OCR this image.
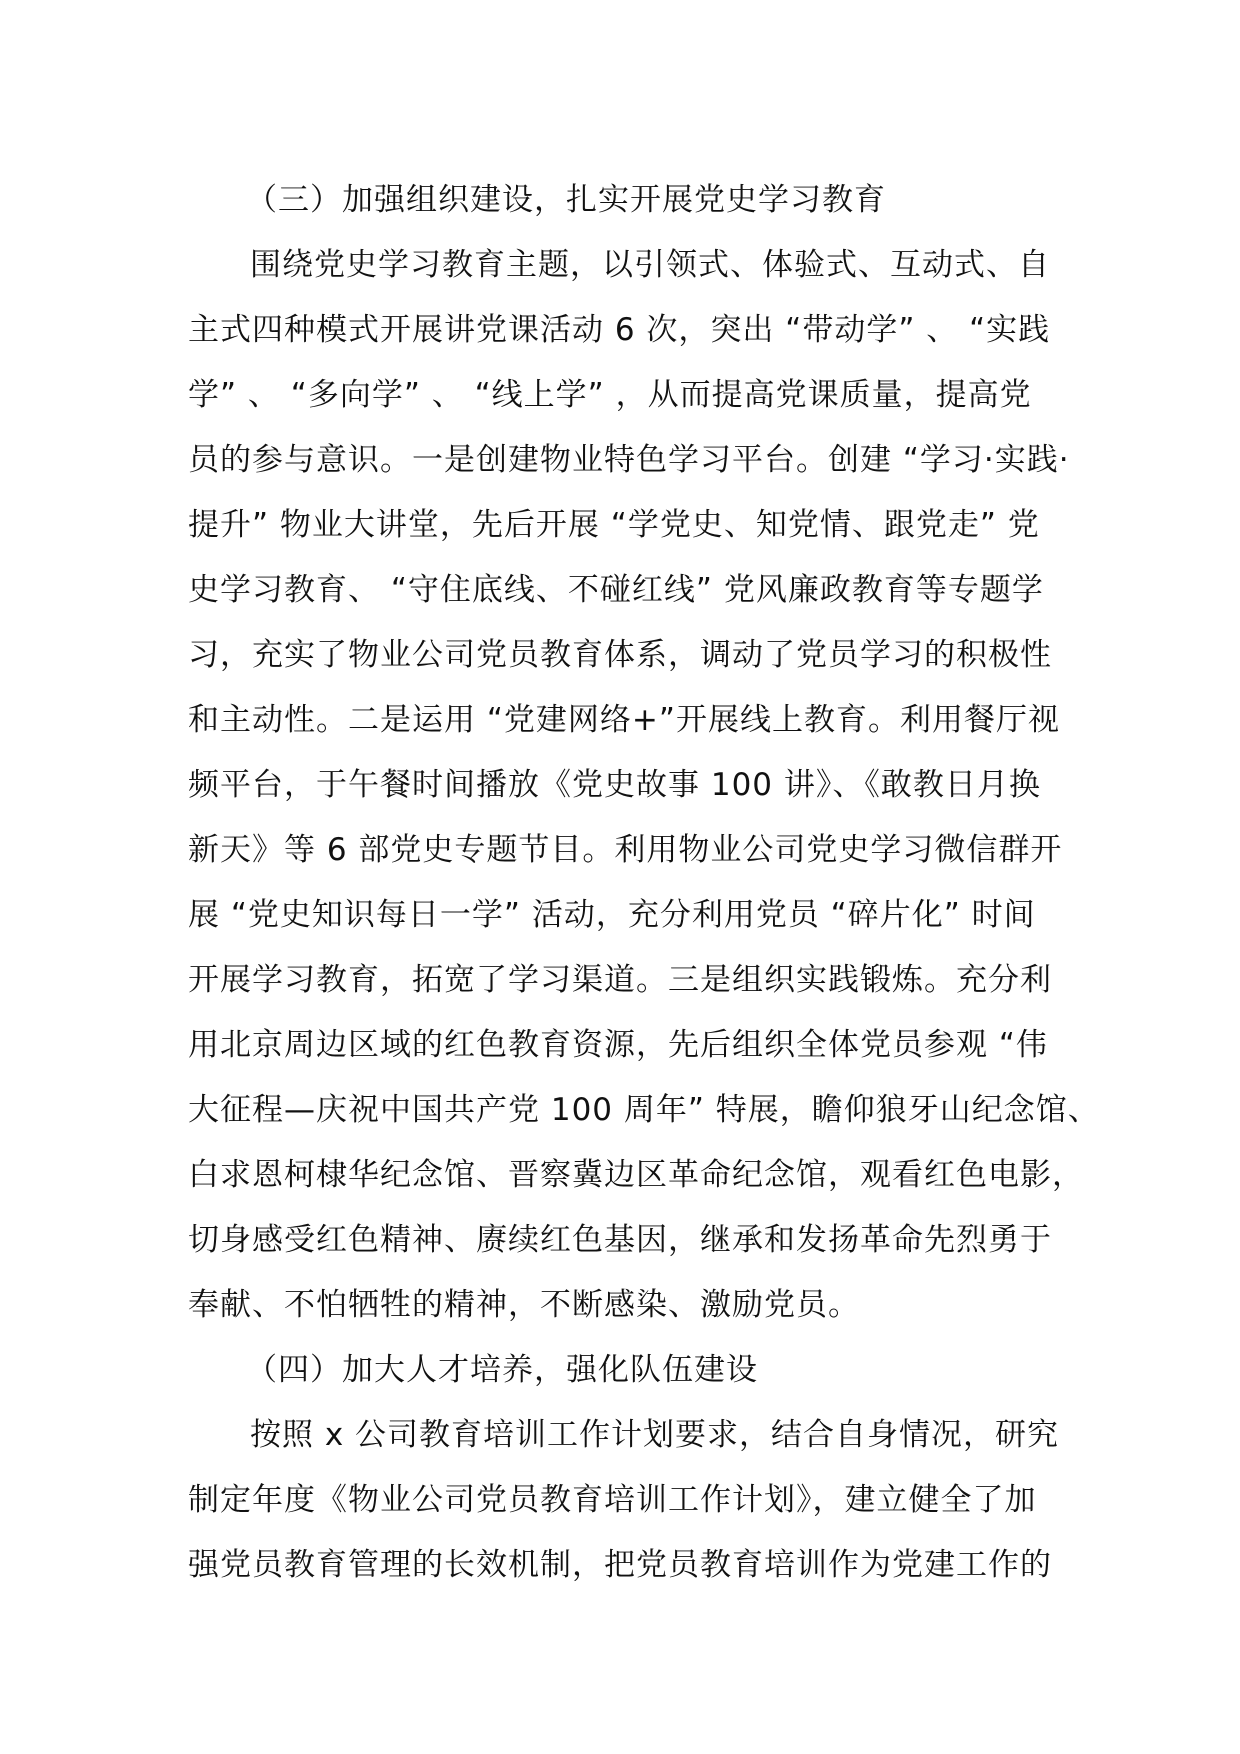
（三）加强组织建设，扎实开展党史学习教育
围绕党史学习教育主题，以引领式、体验式、互动式、自
主式四种模式开展讲党课活动 6 次，突出 “带动学” 、 “实践
学” 、 “多向学” 、 “线上学” ，从而提高党课质量，提高党
员的参与意识。一是创建物业特色学习平台。创建 “学习·实践·
提升” 物业大讲堂，先后开展 “学党史、知党情、跟党走” 党
史学习教育、 “守住底线、不碰红线” 党风廉政教育等专题学
习，充实了物业公司党员教育体系，调动了党员学习的积极性
和主动性。二是运用 “党建网络+”开展线上教育。利用餐厅视
频平台，于午餐时间播放《党史故事 100 讲》、《敢教日月换
新天》等 6 部党史专题节目。利用物业公司党史学习微信群开
展 “党史知识每日一学” 活动，充分利用党员 “碎片化” 时间
开展学习教育，拓宽了学习渠道。三是组织实践锻炼。充分利
用北京周边区域的红色教育资源，先后组织全体党员参观 “伟
大征程—庆祝中国共产党 100 周年” 特展，瞻仰狼牙山纪念馆、
白求恩柯棣华纪念馆、晋察冀边区革命纪念馆，观看红色电影，
切身感受红色精神、赓续红色基因，继承和发扬革命先烈勇于
奉献、不怕牺牲的精神，不断感染、激励党员。
（四）加大人才培养，强化队伍建设
按照 x 公司教育培训工作计划要求，结合自身情况，研究
制定年度《物业公司党员教育培训工作计划》，建立健全了加
强党员教育管理的长效机制，把党员教育培训作为党建工作的
